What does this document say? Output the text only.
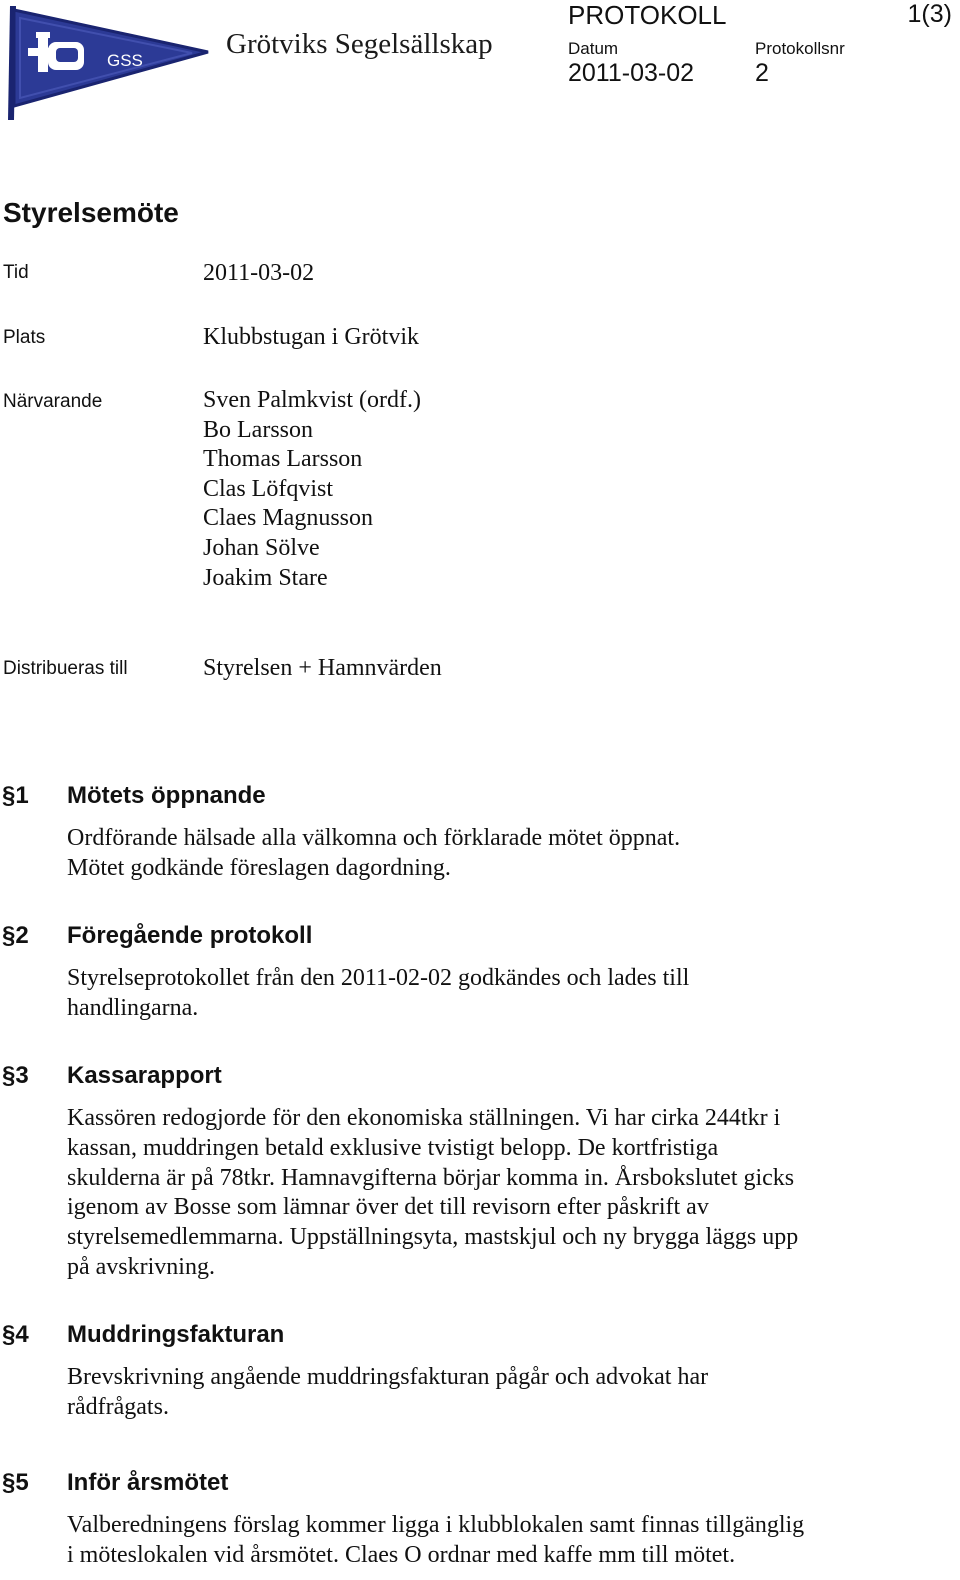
GSS
Grötviks Segelsällskap
PROTOKOLL	1(3)
Datum	Protokollsnr
2011-03-02 2
Styrelsemöte
Tid	2011-03-02
Plats	Klubbstugan i Grötvik
Närvarande	Sven Palmkvist (ordf.)
Bo Larsson
Thomas Larsson
Clas Löfqvist
Claes Magnusson
Johan Sölve
Joakim Stare
Distribueras till	Styrelsen + Hamnvärden
§1 Mötets öppnande
Ordförande hälsade alla välkomna och förklarade mötet öppnat.
Mötet godkände föreslagen dagordning.
§2 Föregående protokoll
Styrelseprotokollet från den 2011-02-02 godkändes och lades till
handlingarna.
§3 Kassarapport
Kassören redogjorde för den ekonomiska ställningen. Vi har cirka 244tkr i
kassan, muddringen betald exklusive tvistigt belopp. De kortfristiga
skulderna är på 78tkr. Hamnavgifterna börjar komma in. Årsbokslutet gicks
igenom av Bosse som lämnar över det till revisorn efter påskrift av
styrelsemedlemmarna. Uppställningsyta, mastskjul och ny brygga läggs upp
på avskrivning.
§4 Muddringsfakturan
Brevskrivning angående muddringsfakturan pågår och advokat har
rådfrågats.
§5 Inför årsmötet
Valberedningens förslag kommer ligga i klubblokalen samt finnas tillgänglig
i möteslokalen vid årsmötet. Claes O ordnar med kaffe mm till mötet.
